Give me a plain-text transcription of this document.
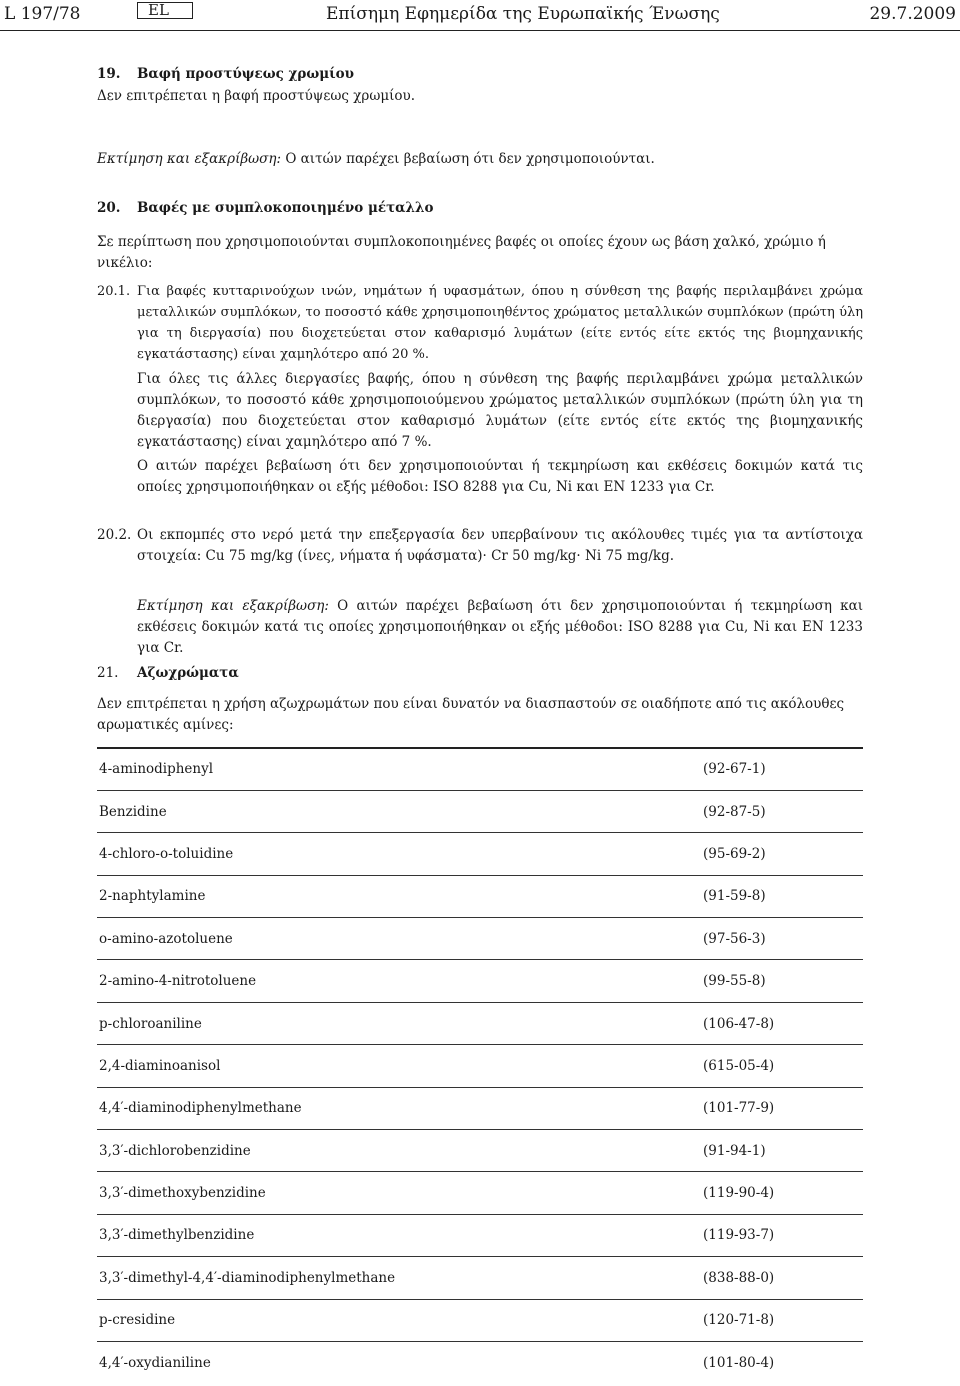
L 197/78	EL	Επίσημη Εφημερίδα της Ευρωπαϊκής Ένωσης	29.7.2009
19. Βαφή προστύψεως χρωμίου
Δεν επιτρέπεται η βαφή προστύψεως χρωμίου.
Εκτίμηση και εξακρίβωση: Ο αιτών παρέχει βεβαίωση ότι δεν χρησιμοποιούνται.
20. Βαφές με συμπλοκοποιημένο μέταλλο
Σε περίπτωση που χρησιμοποιούνται συμπλοκοποιημένες βαφές οι οποίες έχουν ως βάση χαλκό, χρώμιο ή νικέλιο:
20.1. Για βαφές κυτταρινούχων ινών, νημάτων ή υφασμάτων, όπου η σύνθεση της βαφής περιλαμβάνει χρώμα μεταλλικών συμπλόκων, το ποσοστό κάθε χρησιμοποιηθέντος χρώματος μεταλλικών συμπλόκων (πρώτη ύλη για τη διεργασία) που διοχετεύεται στον καθαρισμό λυμάτων (είτε εντός είτε εκτός της βιομηχανικής εγκατάστασης) είναι χαμηλότερο από 20 %.
Για όλες τις άλλες διεργασίες βαφής, όπου η σύνθεση της βαφής περιλαμβάνει χρώμα μεταλλικών συμπλόκων, το ποσοστό κάθε χρησιμοποιούμενου χρώματος μεταλλικών συμπλόκων (πρώτη ύλη για τη διεργασία) που διοχετεύεται στον καθαρισμό λυμάτων (είτε εντός είτε εκτός της βιομηχανικής εγκατάστασης) είναι χαμηλότερο από 7 %.
Ο αιτών παρέχει βεβαίωση ότι δεν χρησιμοποιούνται ή τεκμηρίωση και εκθέσεις δοκιμών κατά τις οποίες χρησιμοποιήθηκαν οι εξής μέθοδοι: ISO 8288 για Cu, Ni και EN 1233 για Cr.
20.2. Οι εκπομπές στο νερό μετά την επεξεργασία δεν υπερβαίνουν τις ακόλουθες τιμές για τα αντίστοιχα στοιχεία: Cu 75 mg/kg (ίνες, νήματα ή υφάσματα)· Cr 50 mg/kg· Ni 75 mg/kg.
Εκτίμηση και εξακρίβωση: Ο αιτών παρέχει βεβαίωση ότι δεν χρησιμοποιούνται ή τεκμηρίωση και εκθέσεις δοκιμών κατά τις οποίες χρησιμοποιήθηκαν οι εξής μέθοδοι: ISO 8288 για Cu, Ni και EN 1233 για Cr.
21. Αζωχρώματα
Δεν επιτρέπεται η χρήση αζωχρωμάτων που είναι δυνατόν να διασπαστούν σε οιαδήποτε από τις ακόλουθες αρωματικές αμίνες:
4-aminodiphenyl	(92-67-1)
Benzidine	(92-87-5)
4-chloro-o-toluidine	(95-69-2)
2-naphtylamine	(91-59-8)
o-amino-azotoluene	(97-56-3)
2-amino-4-nitrotoluene	(99-55-8)
p-chloroaniline	(106-47-8)
2,4-diaminoanisol	(615-05-4)
4,4′-diaminodiphenylmethane	(101-77-9)
3,3′-dichlorobenzidine	(91-94-1)
3,3′-dimethoxybenzidine	(119-90-4)
3,3′-dimethylbenzidine	(119-93-7)
3,3′-dimethyl-4,4′-diaminodiphenylmethane	(838-88-0)
p-cresidine	(120-71-8)
4,4′-oxydianiline	(101-80-4)
